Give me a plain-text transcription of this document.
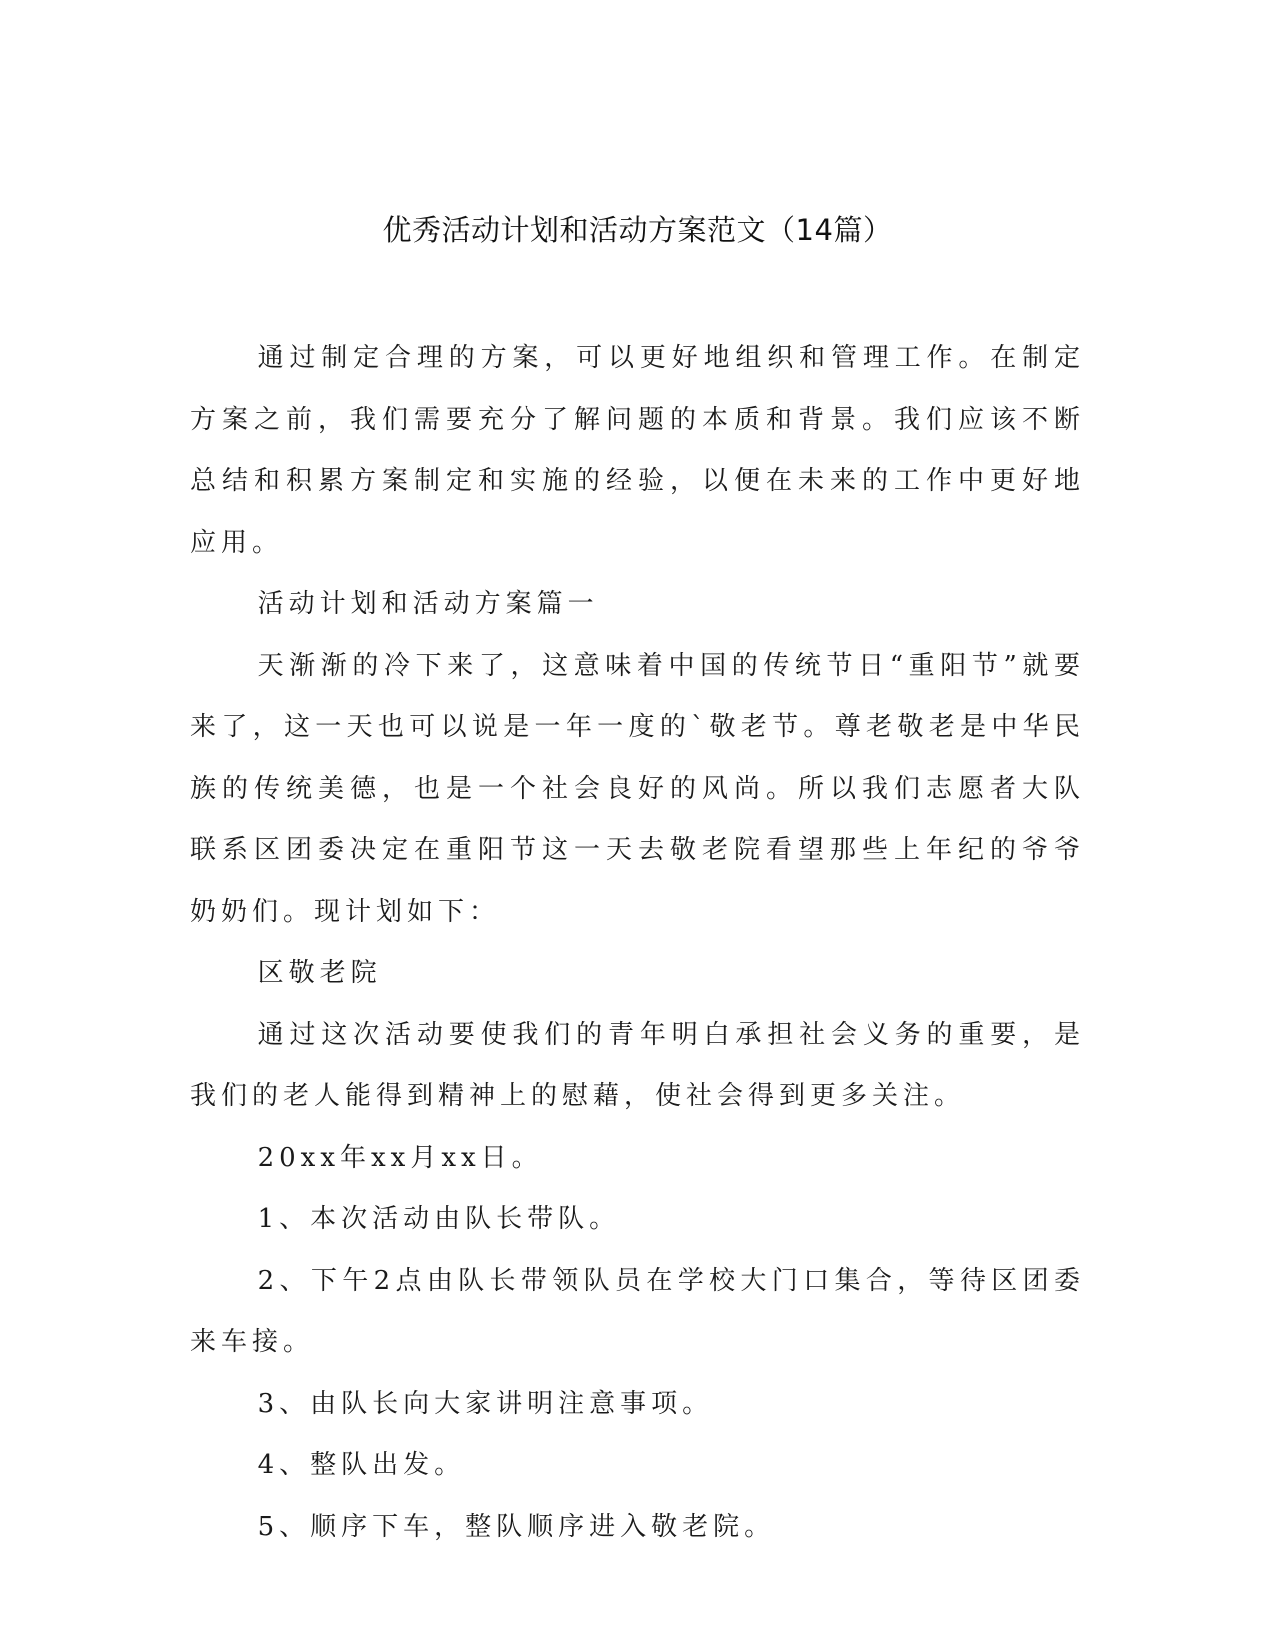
优秀活动计划和活动方案范文（14篇）

通过制定合理的方案，可以更好地组织和管理工作。在制定方案之前，我们需要充分了解问题的本质和背景。我们应该不断总结和积累方案制定和实施的经验，以便在未来的工作中更好地应用。

活动计划和活动方案篇一

天渐渐的冷下来了，这意味着中国的传统节日“重阳节”就要来了，这一天也可以说是一年一度的`敬老节。尊老敬老是中华民族的传统美德，也是一个社会良好的风尚。所以我们志愿者大队联系区团委决定在重阳节这一天去敬老院看望那些上年纪的爷爷奶奶们。现计划如下：

区敬老院

通过这次活动要使我们的青年明白承担社会义务的重要，是我们的老人能得到精神上的慰藉，使社会得到更多关注。

20xx年xx月xx日。

1、本次活动由队长带队。

2、下午2点由队长带领队员在学校大门口集合，等待区团委来车接。

3、由队长向大家讲明注意事项。

4、整队出发。

5、顺序下车，整队顺序进入敬老院。
